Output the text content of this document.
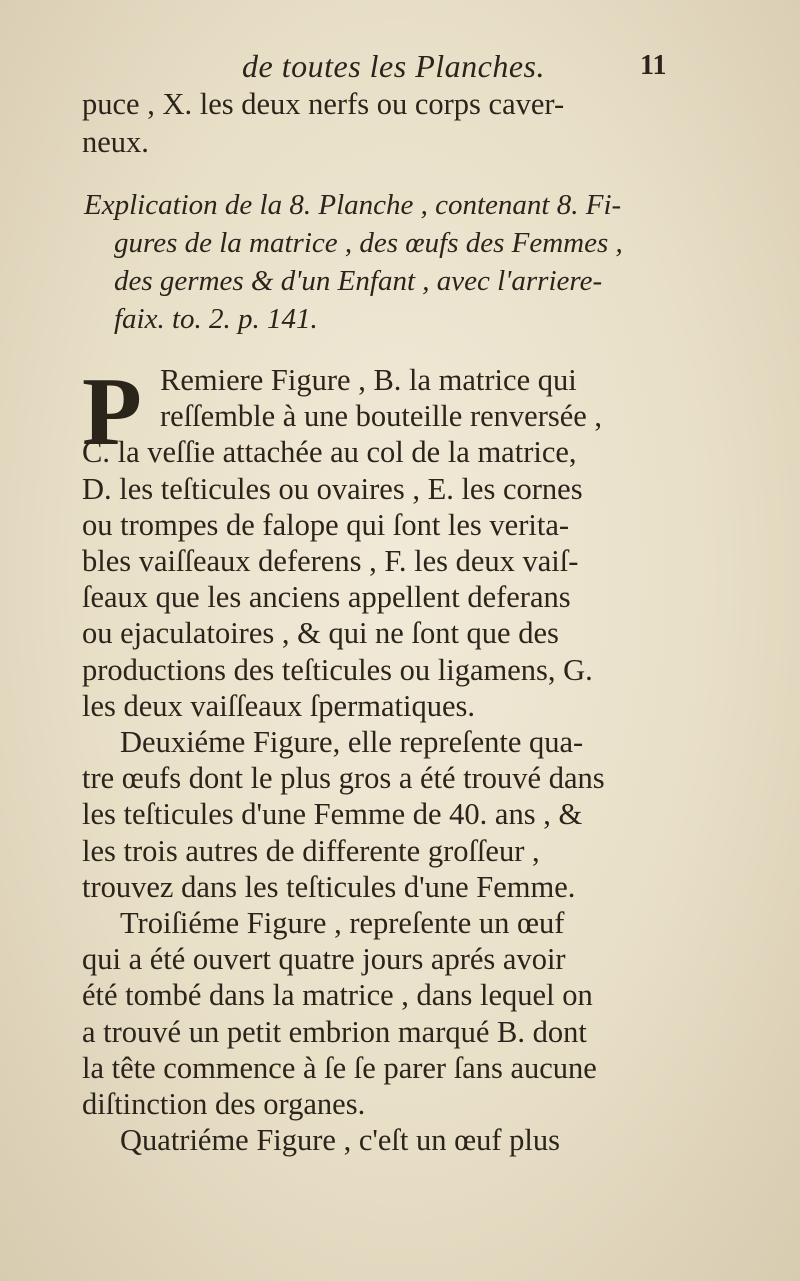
de toutes les Planches.	11
puce , X. les deux nerfs ou corps caver-
neux.
Explication de la 8. Planche , contenant 8. Fi-
gures de la matrice , des œufs des Femmes ,
des germes & d'un Enfant , avec l'arriere-
faix. to. 2. p. 141.
P Remiere Figure , B. la matrice qui
reſſemble à une bouteille renversée ,
C. la veſſie attachée au col de la matrice,
D. les teſticules ou ovaires , E. les cornes
ou trompes de falope qui ſont les verita-
bles vaiſſeaux deferens , F. les deux vaiſ-
ſeaux que les anciens appellent deferans
ou ejaculatoires , & qui ne ſont que des
productions des teſticules ou ligamens, G.
les deux vaiſſeaux ſpermatiques.
Deuxiéme Figure, elle repreſente qua-
tre œufs dont le plus gros a été trouvé dans
les teſticules d'une Femme de 40. ans , &
les trois autres de differente groſſeur ,
trouvez dans les teſticules d'une Femme.
Troiſiéme Figure , repreſente un œuf
qui a été ouvert quatre jours aprés avoir
été tombé dans la matrice , dans lequel on
a trouvé un petit embrion marqué B. dont
la tête commence à ſe ſe parer ſans aucune
diſtinction des organes.
Quatriéme Figure , c'eſt un œuf plus
